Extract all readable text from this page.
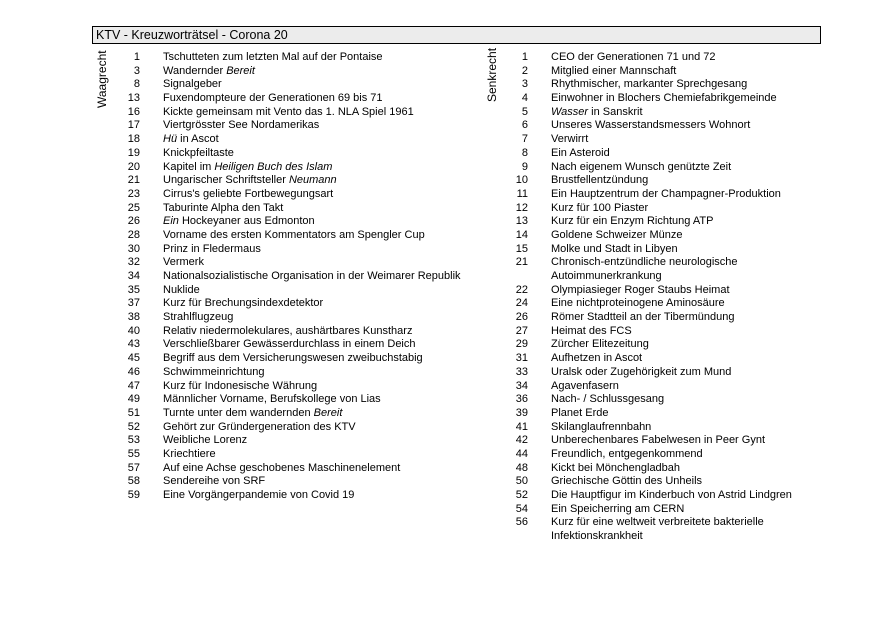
KTV - Kreuzworträtsel - Corona 20
Waagrecht	Senkrecht
1 Tschutteten zum letzten Mal auf der Pontaise
3 Wandernder Bereit
8 Signalgeber
13 Fuxendompteure der Generationen 69 bis 71
16 Kickte gemeinsam mit Vento das 1. NLA Spiel 1961
17 Viertgrösster See Nordamerikas
18 Hü in Ascot
19 Knickpfeiltaste
20 Kapitel im Heiligen Buch des Islam
21 Ungarischer Schriftsteller Neumann
23 Cirrus's geliebte Fortbewegungsart
25 Taburinte Alpha den Takt
26 Ein Hockeyaner aus Edmonton
28 Vorname des ersten Kommentators am Spengler Cup
30 Prinz in Fledermaus
32 Vermerk
34 Nationalsozialistische Organisation in der Weimarer Republik
35 Nuklide
37 Kurz für Brechungsindexdetektor
38 Strahlflugzeug
40 Relativ niedermolekulares, aushärtbares Kunstharz
43 Verschließbarer Gewässerdurchlass in einem Deich
45 Begriff aus dem Versicherungswesen zweibuchstabig
46 Schwimmeinrichtung
47 Kurz für Indonesische Währung
49 Männlicher Vorname, Berufskollege von Lias
51 Turnte unter dem wandernden Bereit
52 Gehört zur Gründergeneration des KTV
53 Weibliche Lorenz
55 Kriechtiere
57 Auf eine Achse geschobenes Maschinenelement
58 Sendereihe von SRF
59 Eine Vorgängerpandemie von Covid 19
1 CEO der Generationen 71 und 72
2 Mitglied einer Mannschaft
3 Rhythmischer, markanter Sprechgesang
4 Einwohner in Blochers Chemiefabrikgemeinde
5 Wasser in Sanskrit
6 Unseres Wasserstandsmessers Wohnort
7 Verwirrt
8 Ein Asteroid
9 Nach eigenem Wunsch genützte Zeit
10 Brustfellentzündung
11 Ein Hauptzentrum der Champagner-Produktion
12 Kurz für 100 Piaster
13 Kurz für ein Enzym Richtung ATP
14 Goldene Schweizer Münze
15 Molke und Stadt in Libyen
21 Chronisch-entzündliche neurologische
Autoimmunerkrankung
22 Olympiasieger Roger Staubs Heimat
24 Eine nichtproteinogene Aminosäure
26 Römer Stadtteil an der Tibermündung
27 Heimat des FCS
29 Zürcher Elitezeitung
31 Aufhetzen in Ascot
33 Uralsk oder Zugehörigkeit zum Mund
34 Agavenfasern
36 Nach- / Schlussgesang
39 Planet Erde
41 Skilanglaufrennbahn
42 Unberechenbares Fabelwesen in Peer Gynt
44 Freundlich, entgegenkommend
48 Kickt bei Mönchengladbah
50 Griechische Göttin des Unheils
52 Die Hauptfigur im Kinderbuch von Astrid Lindgren
54 Ein Speicherring am CERN
56 Kurz für eine weltweit verbreitete bakterielle
Infektionskrankheit
